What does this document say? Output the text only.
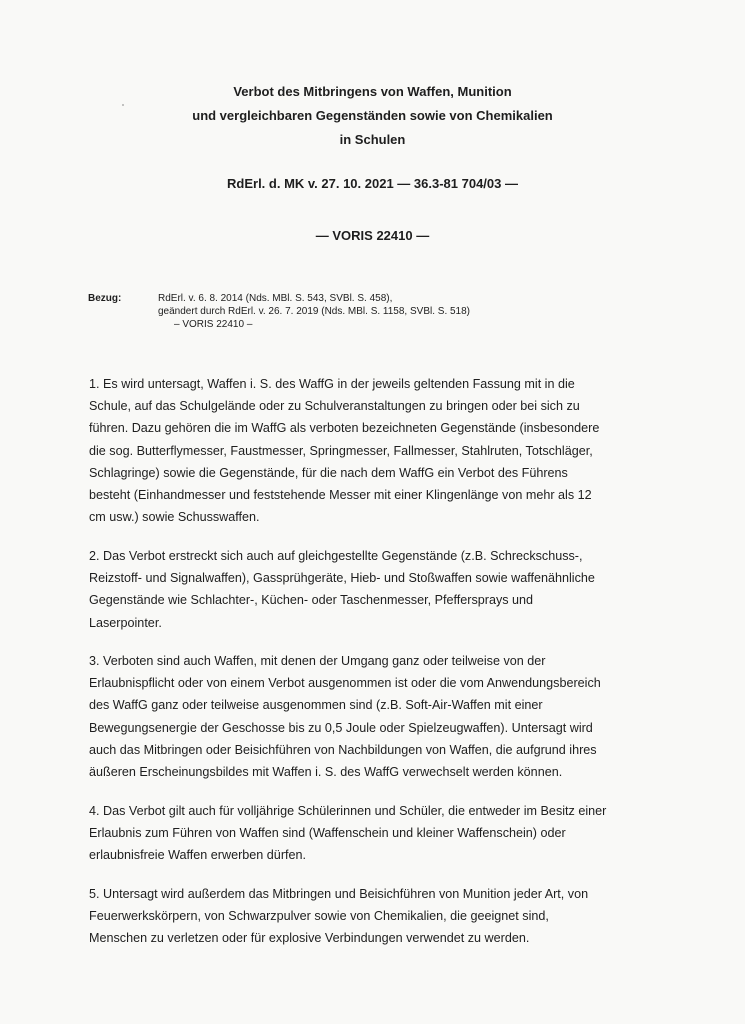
Verbot des Mitbringens von Waffen, Munition
und vergleichbaren Gegenständen sowie von Chemikalien
in Schulen
RdErl. d. MK v. 27. 10. 2021 — 36.3-81 704/03 —
— VORIS 22410 —
Bezug:	RdErl. v. 6. 8. 2014 (Nds. MBl. S. 543, SVBl. S. 458),
geändert durch RdErl. v. 26. 7. 2019 (Nds. MBl. S. 1158, SVBl. S. 518)
– VORIS 22410 –
1. Es wird untersagt, Waffen i. S. des WaffG in der jeweils geltenden Fassung mit in die
Schule, auf das Schulgelände oder zu Schulveranstaltungen zu bringen oder bei sich zu
führen. Dazu gehören die im WaffG als verboten bezeichneten Gegenstände (insbesondere
die sog. Butterflymesser, Faustmesser, Springmesser, Fallmesser, Stahlruten, Totschläger,
Schlagringe) sowie die Gegenstände, für die nach dem WaffG ein Verbot des Führens
besteht (Einhandmesser und feststehende Messer mit einer Klingenlänge von mehr als 12
cm usw.) sowie Schusswaffen.
2. Das Verbot erstreckt sich auch auf gleichgestellte Gegenstände (z.B. Schreckschuss-,
Reizstoff- und Signalwaffen), Gassprühgeräte, Hieb- und Stoßwaffen sowie waffenähnliche
Gegenstände wie Schlachter-, Küchen- oder Taschenmesser, Pfeffersprays und
Laserpointer.
3. Verboten sind auch Waffen, mit denen der Umgang ganz oder teilweise von der
Erlaubnispflicht oder von einem Verbot ausgenommen ist oder die vom Anwendungsbereich
des WaffG ganz oder teilweise ausgenommen sind (z.B. Soft-Air-Waffen mit einer
Bewegungsenergie der Geschosse bis zu 0,5 Joule oder Spielzeugwaffen). Untersagt wird
auch das Mitbringen oder Beisichführen von Nachbildungen von Waffen, die aufgrund ihres
äußeren Erscheinungsbildes mit Waffen i. S. des WaffG verwechselt werden können.
4. Das Verbot gilt auch für volljährige Schülerinnen und Schüler, die entweder im Besitz einer
Erlaubnis zum Führen von Waffen sind (Waffenschein und kleiner Waffenschein) oder
erlaubnisfreie Waffen erwerben dürfen.
5. Untersagt wird außerdem das Mitbringen und Beisichführen von Munition jeder Art, von
Feuerwerkskörpern, von Schwarzpulver sowie von Chemikalien, die geeignet sind,
Menschen zu verletzen oder für explosive Verbindungen verwendet zu werden.
